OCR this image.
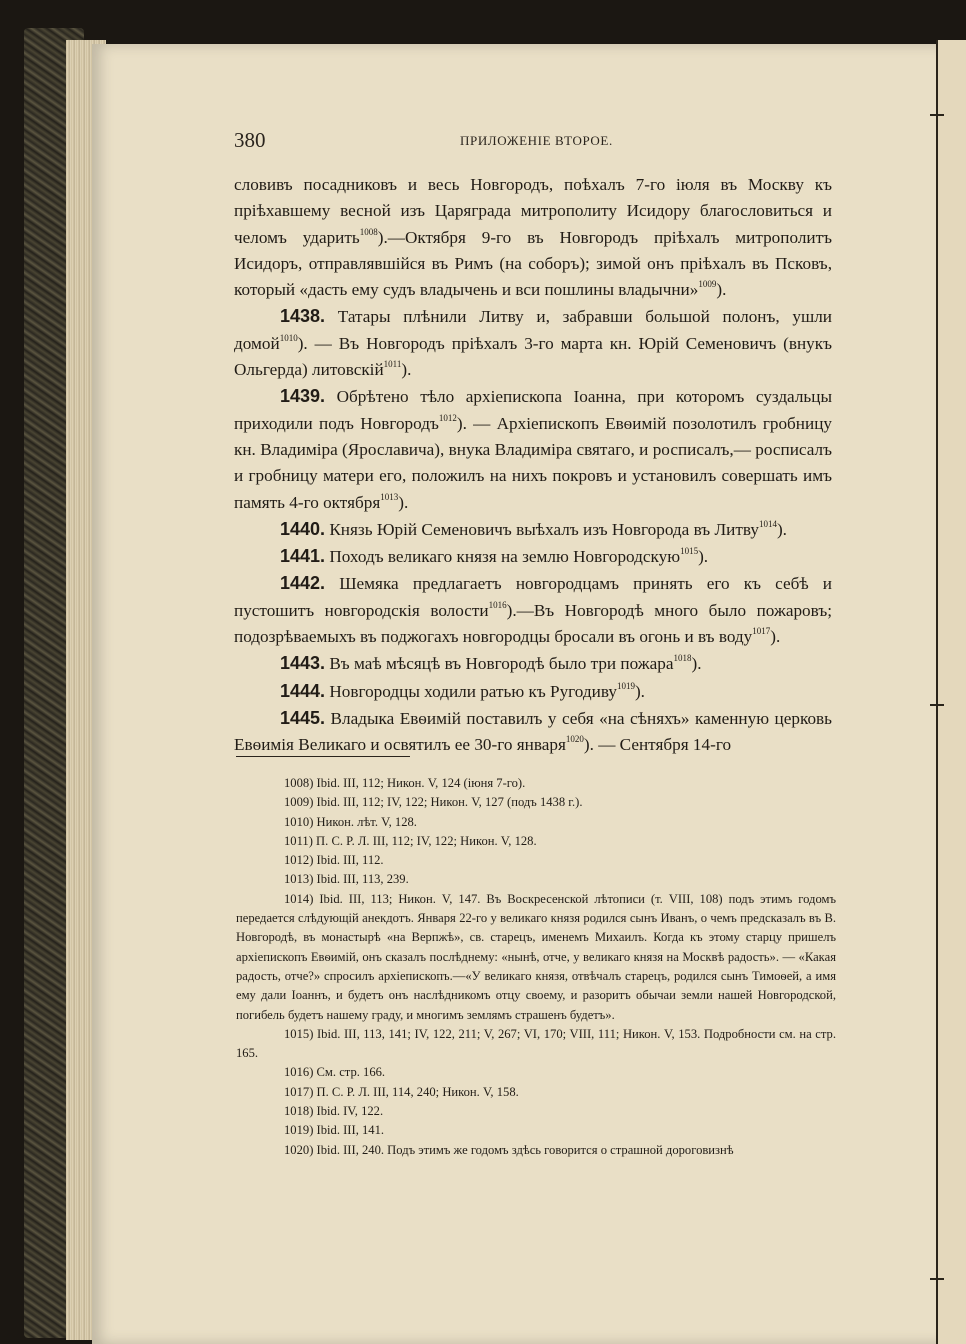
380	ПРИЛОЖЕНІЕ ВТОРОЕ.

словивъ посадниковъ и весь Новгородъ, поѣхалъ 7-го іюля въ Москву къ пріѣхавшему весной изъ Царяграда митрополиту Исидору благословиться и челомъ ударить$^{1008}$).—Октября 9-го въ Новгородъ пріѣхалъ митрополитъ Исидоръ, отправлявшійся въ Римъ (на соборъ); зимой онъ пріѣхалъ въ Псковъ, который «дасть ему судъ владычень и вси пошлины владычни»$^{1009}$).

1438. Татары плѣнили Литву и, забравши большой полонъ, ушли домой$^{1010}$). — Въ Новгородъ пріѣхалъ 3-го марта кн. Юрій Семеновичъ (внукъ Ольгерда) литовскій$^{1011}$).

1439. Обрѣтено тѣло архіепископа Іоанна, при которомъ суздальцы приходили подъ Новгородъ$^{1012}$). — Архіепископъ Евѳимій позолотилъ гробницу кн. Владиміра (Ярославича), внука Владиміра святаго, и росписалъ,— росписалъ и гробницу матери его, положилъ на нихъ покровъ и установилъ совершать имъ память 4-го октября$^{1013}$).

1440. Князь Юрій Семеновичъ выѣхалъ изъ Новгорода въ Литву$^{1014}$).

1441. Походъ великаго князя на землю Новгородскую$^{1015}$).

1442. Шемяка предлагаетъ новгородцамъ принять его къ себѣ и пустошитъ новгородскія волости$^{1016}$).—Въ Новгородѣ много было пожаровъ; подозрѣваемыхъ въ поджогахъ новгородцы бросали въ огонь и въ воду$^{1017}$).

1443. Въ маѣ мѣсяцѣ въ Новгородѣ было три пожара$^{1018}$).

1444. Новгородцы ходили ратью къ Ругодиву$^{1019}$).

1445. Владыка Евѳимій поставилъ у себя «на сѣняхъ» каменную церковь Евѳимія Великаго и освятилъ ее 30-го января$^{1020}$). — Сентября 14-го

1008) Ibid. III, 112; Никон. V, 124 (іюня 7-го).

1009) Ibid. III, 112; IV, 122; Никон. V, 127 (подъ 1438 г.).

1010) Никон. лѣт. V, 128.

1011) П. С. Р. Л. III, 112; IV, 122; Никон. V, 128.

1012) Ibid. III, 112.

1013) Ibid. III, 113, 239.

1014) Ibid. III, 113; Никон. V, 147. Въ Воскресенской лѣтописи (т. VIII, 108) подъ этимъ годомъ передается слѣдующій анекдотъ. Января 22-го у великаго князя родился сынъ Иванъ, о чемъ предсказалъ въ В. Новгородѣ, въ монастырѣ «на Верпжѣ», св. старецъ, именемъ Михаилъ. Когда къ этому старцу пришелъ архіепископъ Евѳимій, онъ сказалъ послѣднему: «нынѣ, отче, у великаго князя на Москвѣ радость». — «Какая радость, отче?» спросилъ архіепископъ.—«У великаго князя, отвѣчалъ старецъ, родился сынъ Тимоѳей, а имя ему дали Іоаннъ, и будетъ онъ наслѣдникомъ отцу своему, и разоритъ обычаи земли нашей Новгородской, погибель будетъ нашему граду, и многимъ землямъ страшенъ будетъ».

1015) Ibid. III, 113, 141; IV, 122, 211; V, 267; VI, 170; VIII, 111; Никон. V, 153. Подробности см. на стр. 165.

1016) См. стр. 166.

1017) П. С. Р. Л. III, 114, 240; Никон. V, 158.

1018) Ibid. IV, 122.

1019) Ibid. III, 141.

1020) Ibid. III, 240. Подъ этимъ же годомъ здѣсь говорится о страшной дороговизнѣ
